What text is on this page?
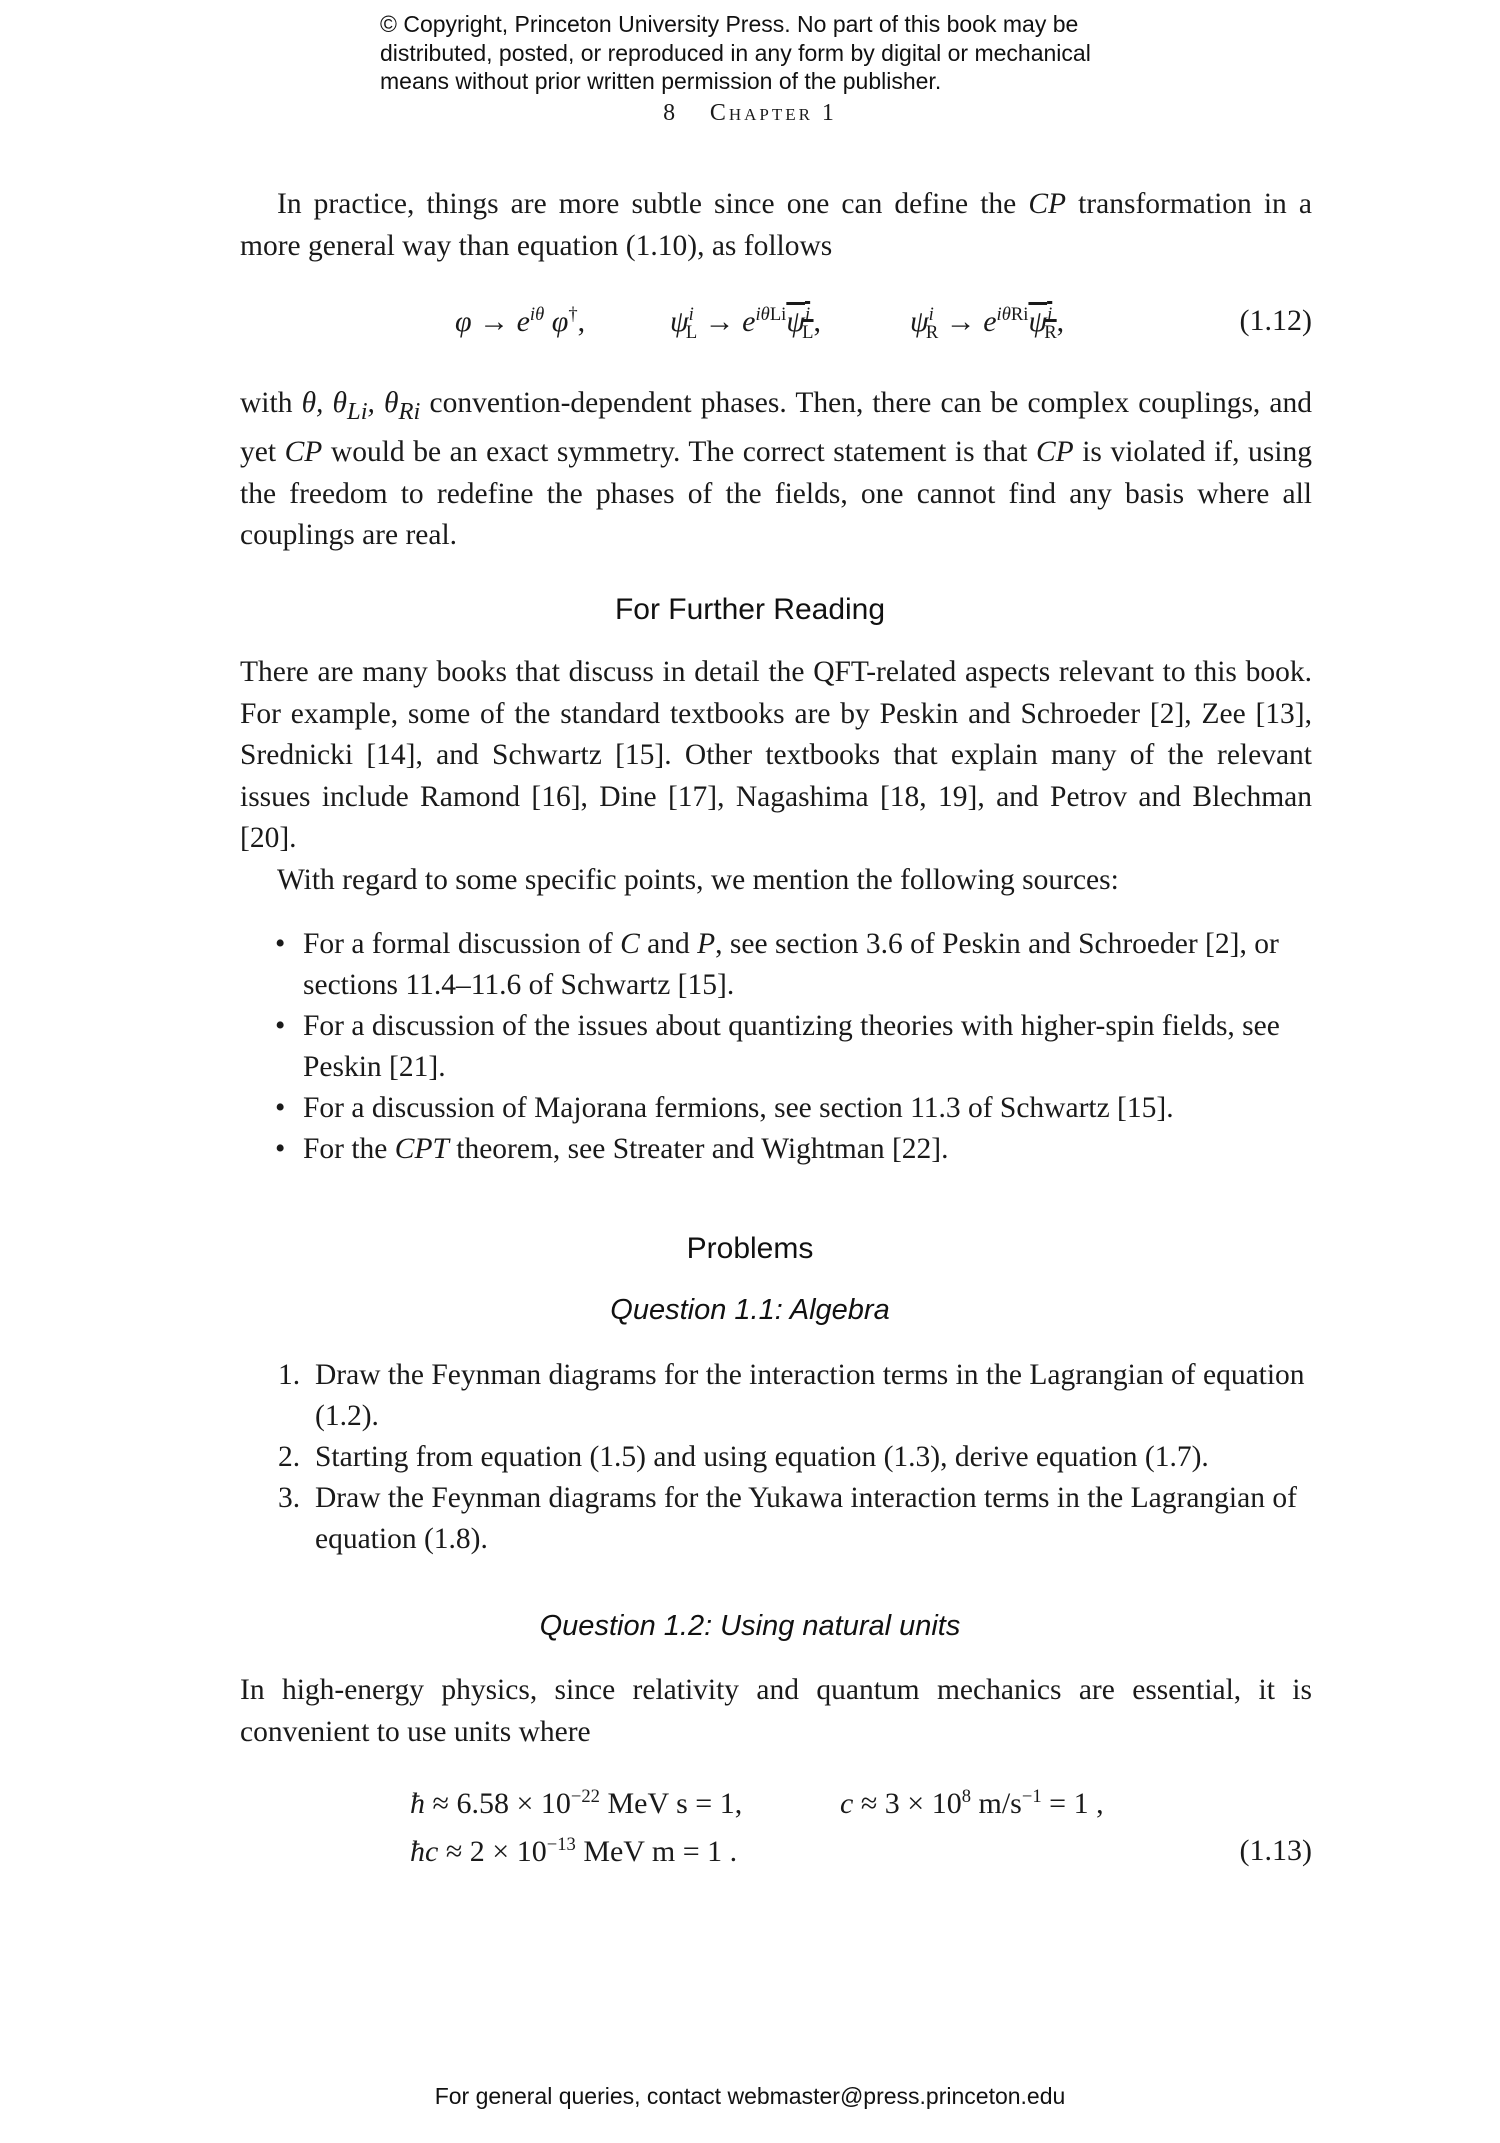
© Copyright, Princeton University Press. No part of this book may be
distributed, posted, or reproduced in any form by digital or mechanical
means without prior written permission of the publisher.
8 Chapter 1

In practice, things are more subtle since one can define the CP transformation in a more general way than equation (1.10), as follows

$\varphi \to e^{i\theta}$ φ†,	$\psi^i_L \to e^{i\theta Li}\psi^i_L$,	$\psi^i_R \to e^{i\theta Ri}\psi^i_R$,	(1.12)

with θ, $\theta_{Li}$, $\theta_{Ri}$ convention-dependent phases. Then, there can be complex couplings, and yet CP would be an exact symmetry. The correct statement is that CP is violated if, using the freedom to redefine the phases of the fields, one cannot find any basis where all couplings are real.

For Further Reading

There are many books that discuss in detail the QFT-related aspects relevant to this book. For example, some of the standard textbooks are by Peskin and Schroeder [2], Zee [13], Srednicki [14], and Schwartz [15]. Other textbooks that explain many of the relevant issues include Ramond [16], Dine [17], Nagashima [18, 19], and Petrov and Blechman [20].

With regard to some specific points, we mention the following sources:

• For a formal discussion of C and P, see section 3.6 of Peskin and Schroeder [2], or sections 11.4–11.6 of Schwartz [15].
• For a discussion of the issues about quantizing theories with higher-spin fields, see Peskin [21].
• For a discussion of Majorana fermions, see section 11.3 of Schwartz [15].
• For the CPT theorem, see Streater and Wightman [22].
Problems
Question 1.1: Algebra
1. Draw the Feynman diagrams for the interaction terms in the Lagrangian of equation (1.2).
2. Starting from equation (1.5) and using equation (1.3), derive equation (1.7).
3. Draw the Feynman diagrams for the Yukawa interaction terms in the Lagrangian of equation (1.8).
Question 1.2: Using natural units

In high-energy physics, since relativity and quantum mechanics are essential, it is convenient to use units where

ħ ≈ $6.58 \times 10^{-22}$ MeV s = 1,	$c \approx 3 \times 10^8$ $m/s^{-1} = 1$ ,
ħc ≈ $2 \times 10^{-13}$ MeV m = 1 .	(1.13)
For general queries, contact webmaster@press.princeton.edu
